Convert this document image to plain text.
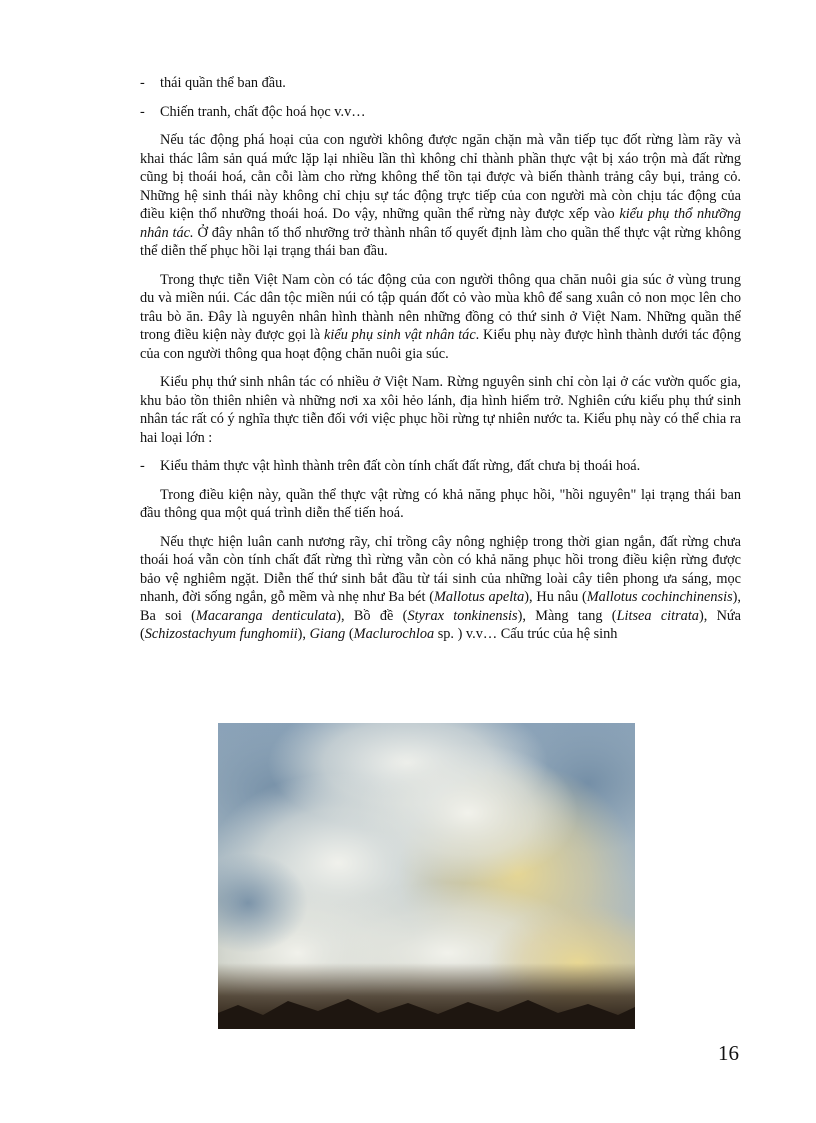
- thái quần thể ban đầu.
- Chiến tranh, chất độc hoá học v.v…

Nếu tác động phá hoại của con người không được ngăn chặn mà vẫn tiếp tục đốt rừng làm rãy và khai thác lâm sản quá mức lặp lại nhiều lần thì không chỉ thành phần thực vật bị xáo trộn mà đất rừng cũng bị thoái hoá, cằn cỗi làm cho rừng không thể tồn tại được và biến thành trảng cây bụi, trảng cỏ. Những hệ sinh thái này không chỉ chịu sự tác động trực tiếp của con người mà còn chịu tác động của điều kiện thổ nhưỡng thoái hoá. Do vậy, những quần thể rừng này được xếp vào kiểu phụ thổ nhưỡng nhân tác. Ở đây nhân tố thổ nhưỡng trở thành nhân tố quyết định làm cho quần thể thực vật rừng không thể diễn thế phục hồi lại trạng thái ban đầu.

Trong thực tiễn Việt Nam còn có tác động của con người thông qua chăn nuôi gia súc ở vùng trung du và miền núi. Các dân tộc miền núi có tập quán đốt cỏ vào mùa khô để sang xuân cỏ non mọc lên cho trâu bò ăn. Đây là nguyên nhân hình thành nên những đồng cỏ thứ sinh ở Việt Nam. Những quần thể trong điều kiện này được gọi là kiểu phụ sinh vật nhân tác. Kiểu phụ này được hình thành dưới tác động của con người thông qua hoạt động chăn nuôi gia súc.

Kiểu phụ thứ sinh nhân tác có nhiều ở Việt Nam. Rừng nguyên sinh chỉ còn lại ở các vườn quốc gia, khu bảo tồn thiên nhiên và những nơi xa xôi hẻo lánh, địa hình hiểm trở. Nghiên cứu kiểu phụ thứ sinh nhân tác rất có ý nghĩa thực tiễn đối với việc phục hồi rừng tự nhiên nước ta. Kiểu phụ này có thể chia ra hai loại lớn :

- Kiểu thảm thực vật hình thành trên đất còn tính chất đất rừng, đất chưa bị thoái hoá.

Trong điều kiện này, quần thể thực vật rừng có khả năng phục hồi, "hồi nguyên" lại trạng thái ban đầu thông qua một quá trình diễn thế tiến hoá.

Nếu thực hiện luân canh nương rãy, chỉ trồng cây nông nghiệp trong thời gian ngắn, đất rừng chưa thoái hoá vẫn còn tính chất đất rừng thì rừng vẫn còn có khả năng phục hồi trong điều kiện rừng được bảo vệ nghiêm ngặt. Diễn thế thứ sinh bắt đầu từ tái sinh của những loài cây tiên phong ưa sáng, mọc nhanh, đời sống ngắn, gỗ mềm và nhẹ như Ba bét (Mallotus apelta), Hu nâu (Mallotus cochinchinensis), Ba soi (Macaranga denticulata), Bồ đề (Styrax tonkinensis), Màng tang (Litsea citrata), Nứa (Schizostachyum funghomii), Giang (Maclurochloa sp. ) v.v… Cấu trúc của hệ sinh

16
